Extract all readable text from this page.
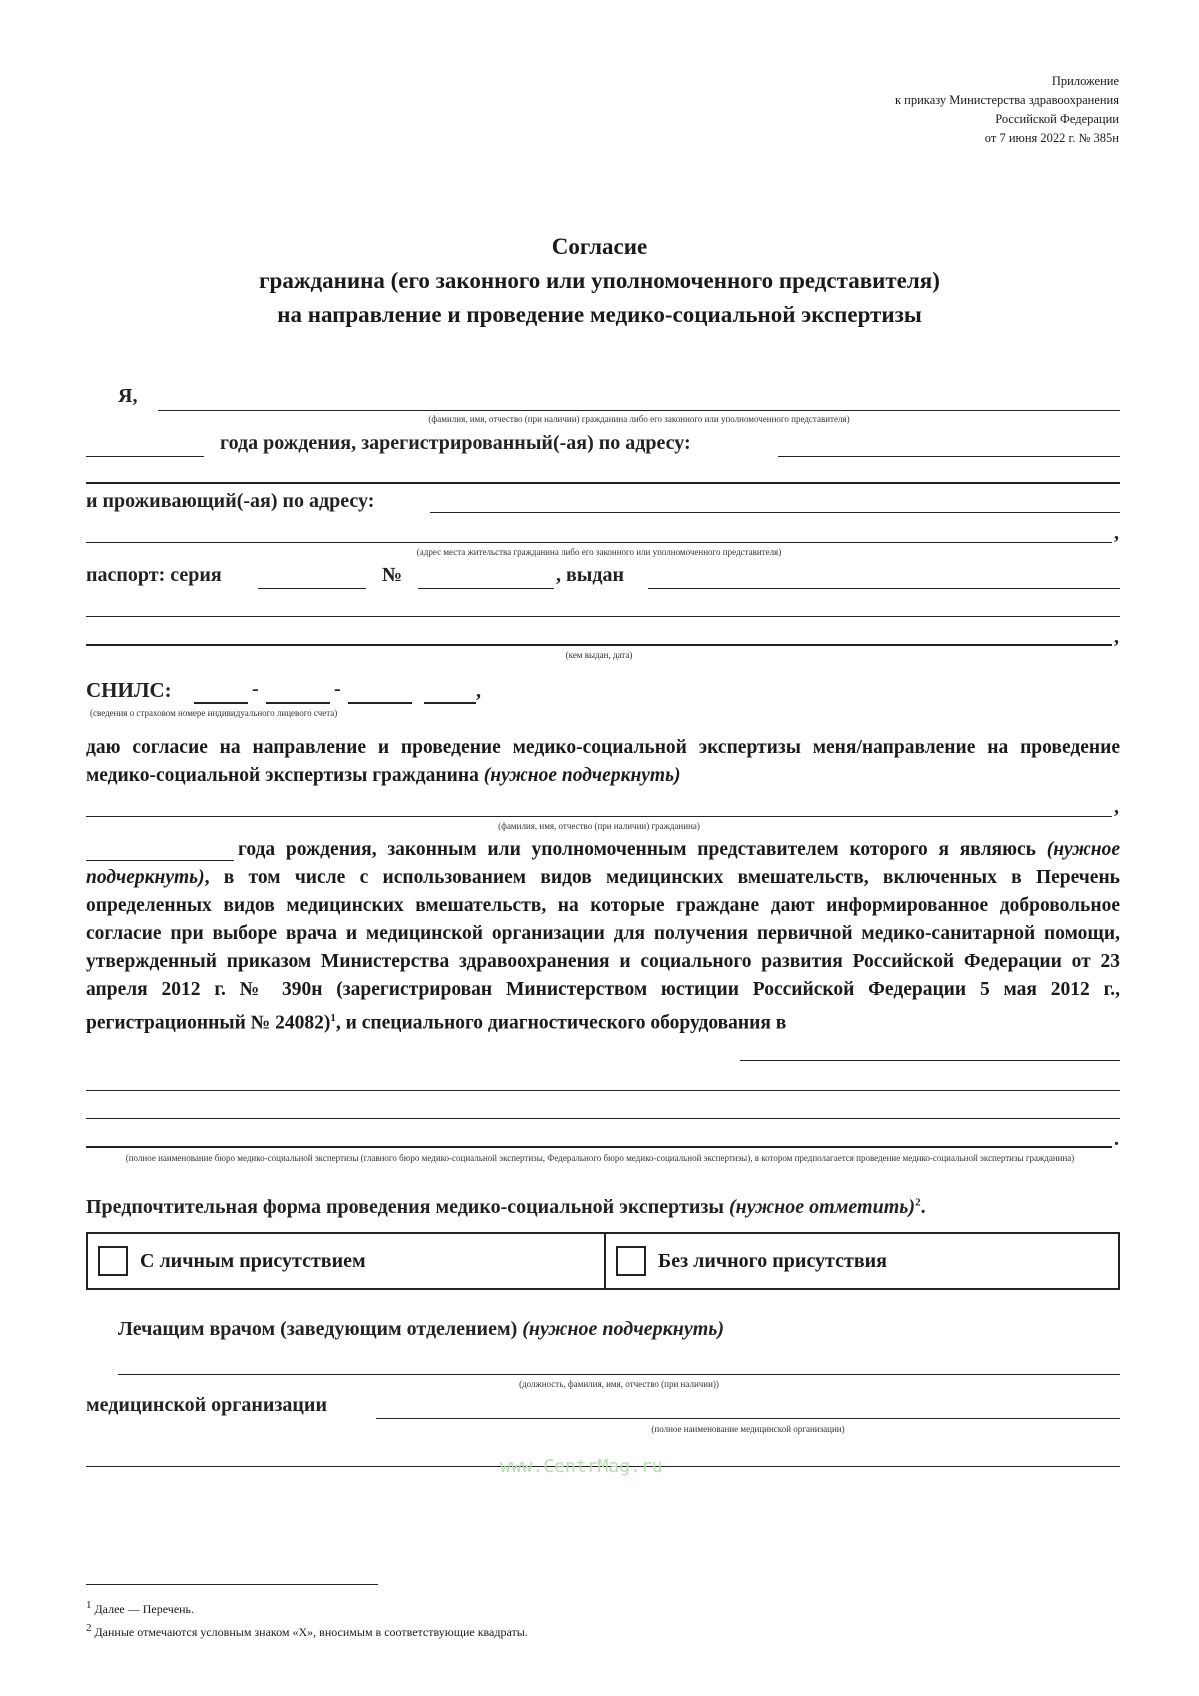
Приложение
к приказу Министерства здравоохранения
Российской Федерации
от 7 июня 2022 г. № 385н
Согласие
гражданина (его законного или уполномоченного представителя)
на направление и проведение медико-социальной экспертизы
Я,
(фамилия, имя, отчество (при наличии) гражданина либо его законного или уполномоченного представителя)
года рождения, зарегистрированный(-ая) по адресу:
и проживающий(-ая) по адресу:
,
(адрес места жительства гражданина либо его законного или уполномоченного представителя)
паспорт: серия	№	, выдан
,
(кем выдан, дата)
СНИЛС:	-	-	,
(сведения о страховом номере индивидуального лицевого счета)
даю согласие на направление и проведение медико-социальной экспертизы меня/направление на проведение медико-социальной экспертизы гражданина (нужное подчеркнуть)
,
(фамилия, имя, отчество (при наличии) гражданина)
года рождения, законным или уполномоченным представителем которого я являюсь (нужное подчеркнуть), в том числе с использованием видов медицинских вмешательств, включенных в Перечень определенных видов медицинских вмешательств, на которые граждане дают информированное добровольное согласие при выборе врача и медицинской организации для получения первичной медико-санитарной помощи, утвержденный приказом Министерства здравоохранения и социального развития Российской Федерации от 23 апреля 2012 г. № 390н (зарегистрирован Министерством юстиции Российской Федерации 5 мая 2012 г., регистрационный № 24082)$^1$, и специального диагностического оборудования в
.
(полное наименование бюро медико-социальной экспертизы (главного бюро медико-социальной экспертизы, Федерального бюро медико-социальной экспертизы), в котором предполагается проведение медико-социальной экспертизы гражданина)
Предпочтительная форма проведения медико-социальной экспертизы (нужное отметить)$^2$.
С личным присутствием	Без личного присутствия
Лечащим врачом (заведующим отделением) (нужное подчеркнуть)
(должность, фамилия, имя, отчество (при наличии))
медицинской организации
(полное наименование медицинской организации)
www.CentrMag.ru
$^1$ Далее — Перечень.
$^2$ Данные отмечаются условным знаком «Х», вносимым в соответствующие квадраты.
